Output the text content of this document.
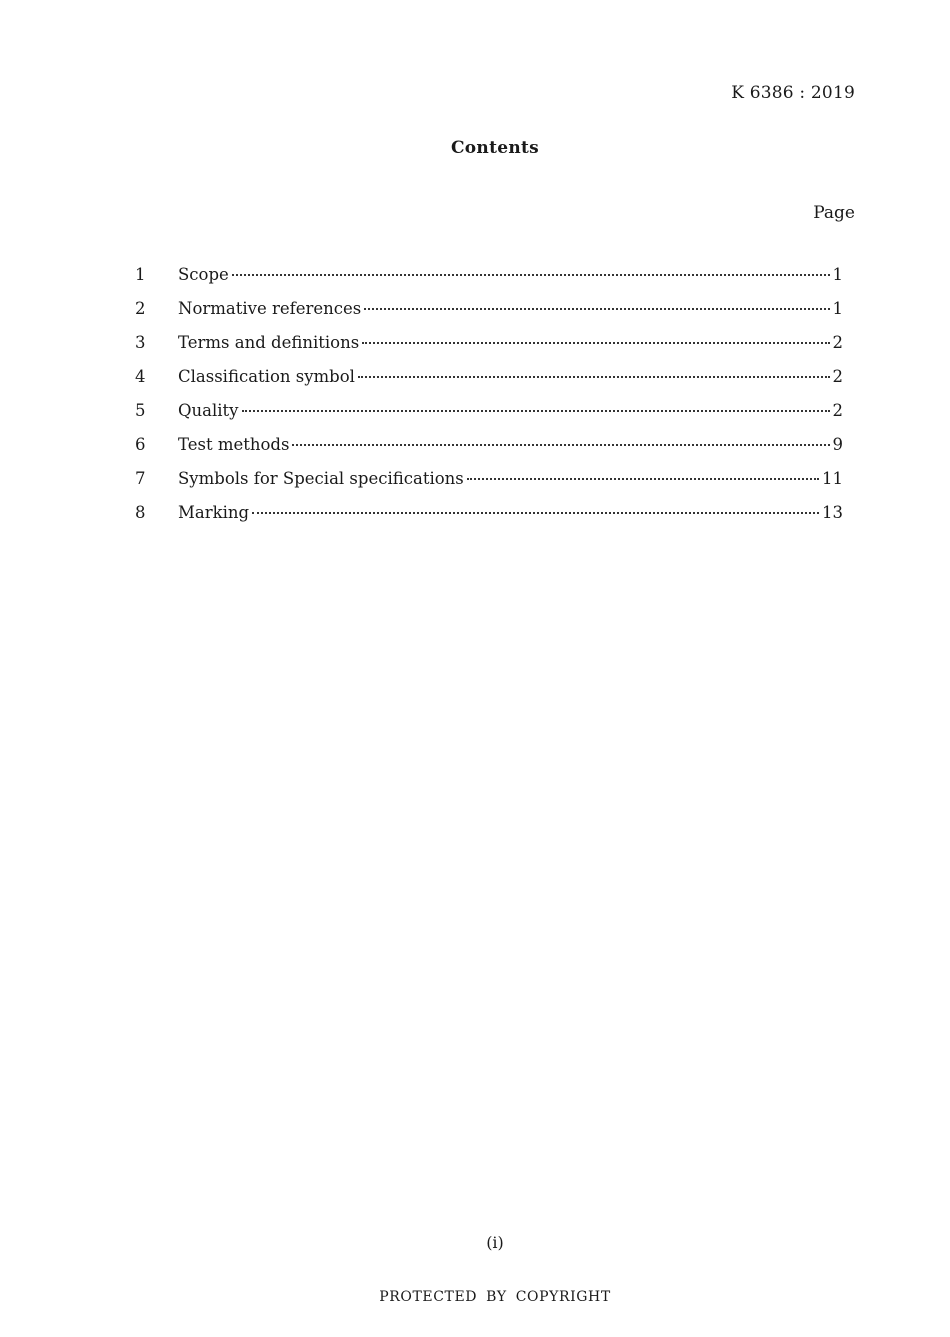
K 6386 : 2019
Contents
Page
1	Scope	1
2	Normative references	1
3	Terms and definitions	2
4	Classification symbol	2
5	Quality	2
6	Test methods	9
7	Symbols for Special specifications	11
8	Marking	13
(i)
PROTECTED BY COPYRIGHT
